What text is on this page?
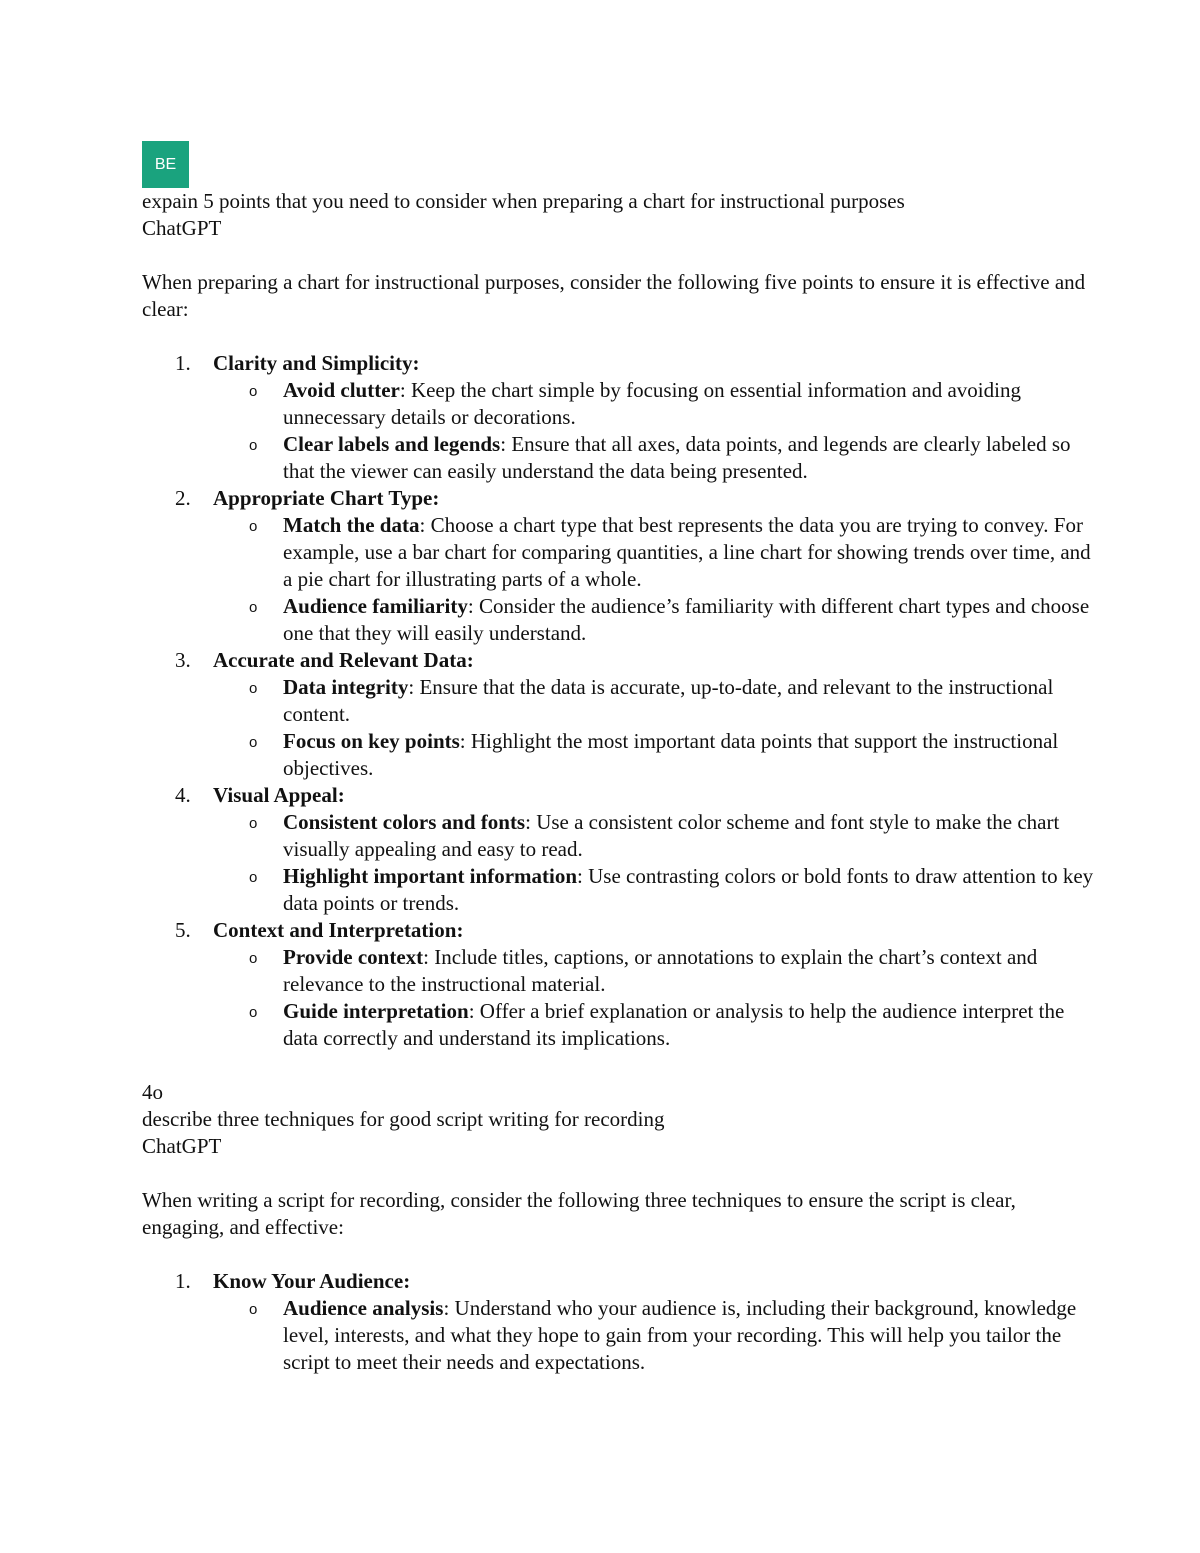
BE

expain 5 points that you need to consider when preparing a chart for instructional purposes

ChatGPT

When preparing a chart for instructional purposes, consider the following five points to ensure it is effective and clear:

1. Clarity and Simplicity:
o Avoid clutter: Keep the chart simple by focusing on essential information and avoiding unnecessary details or decorations.
o Clear labels and legends: Ensure that all axes, data points, and legends are clearly labeled so that the viewer can easily understand the data being presented.
2. Appropriate Chart Type:
o Match the data: Choose a chart type that best represents the data you are trying to convey. For example, use a bar chart for comparing quantities, a line chart for showing trends over time, and a pie chart for illustrating parts of a whole.
o Audience familiarity: Consider the audience’s familiarity with different chart types and choose one that they will easily understand.
3. Accurate and Relevant Data:
o Data integrity: Ensure that the data is accurate, up-to-date, and relevant to the instructional content.
o Focus on key points: Highlight the most important data points that support the instructional objectives.
4. Visual Appeal:
o Consistent colors and fonts: Use a consistent color scheme and font style to make the chart visually appealing and easy to read.
o Highlight important information: Use contrasting colors or bold fonts to draw attention to key data points or trends.
5. Context and Interpretation:
o Provide context: Include titles, captions, or annotations to explain the chart’s context and relevance to the instructional material.
o Guide interpretation: Offer a brief explanation or analysis to help the audience interpret the data correctly and understand its implications.

4o

describe three techniques for good script writing for recording

ChatGPT

When writing a script for recording, consider the following three techniques to ensure the script is clear, engaging, and effective:

1. Know Your Audience:
o Audience analysis: Understand who your audience is, including their background, knowledge level, interests, and what they hope to gain from your recording. This will help you tailor the script to meet their needs and expectations.
